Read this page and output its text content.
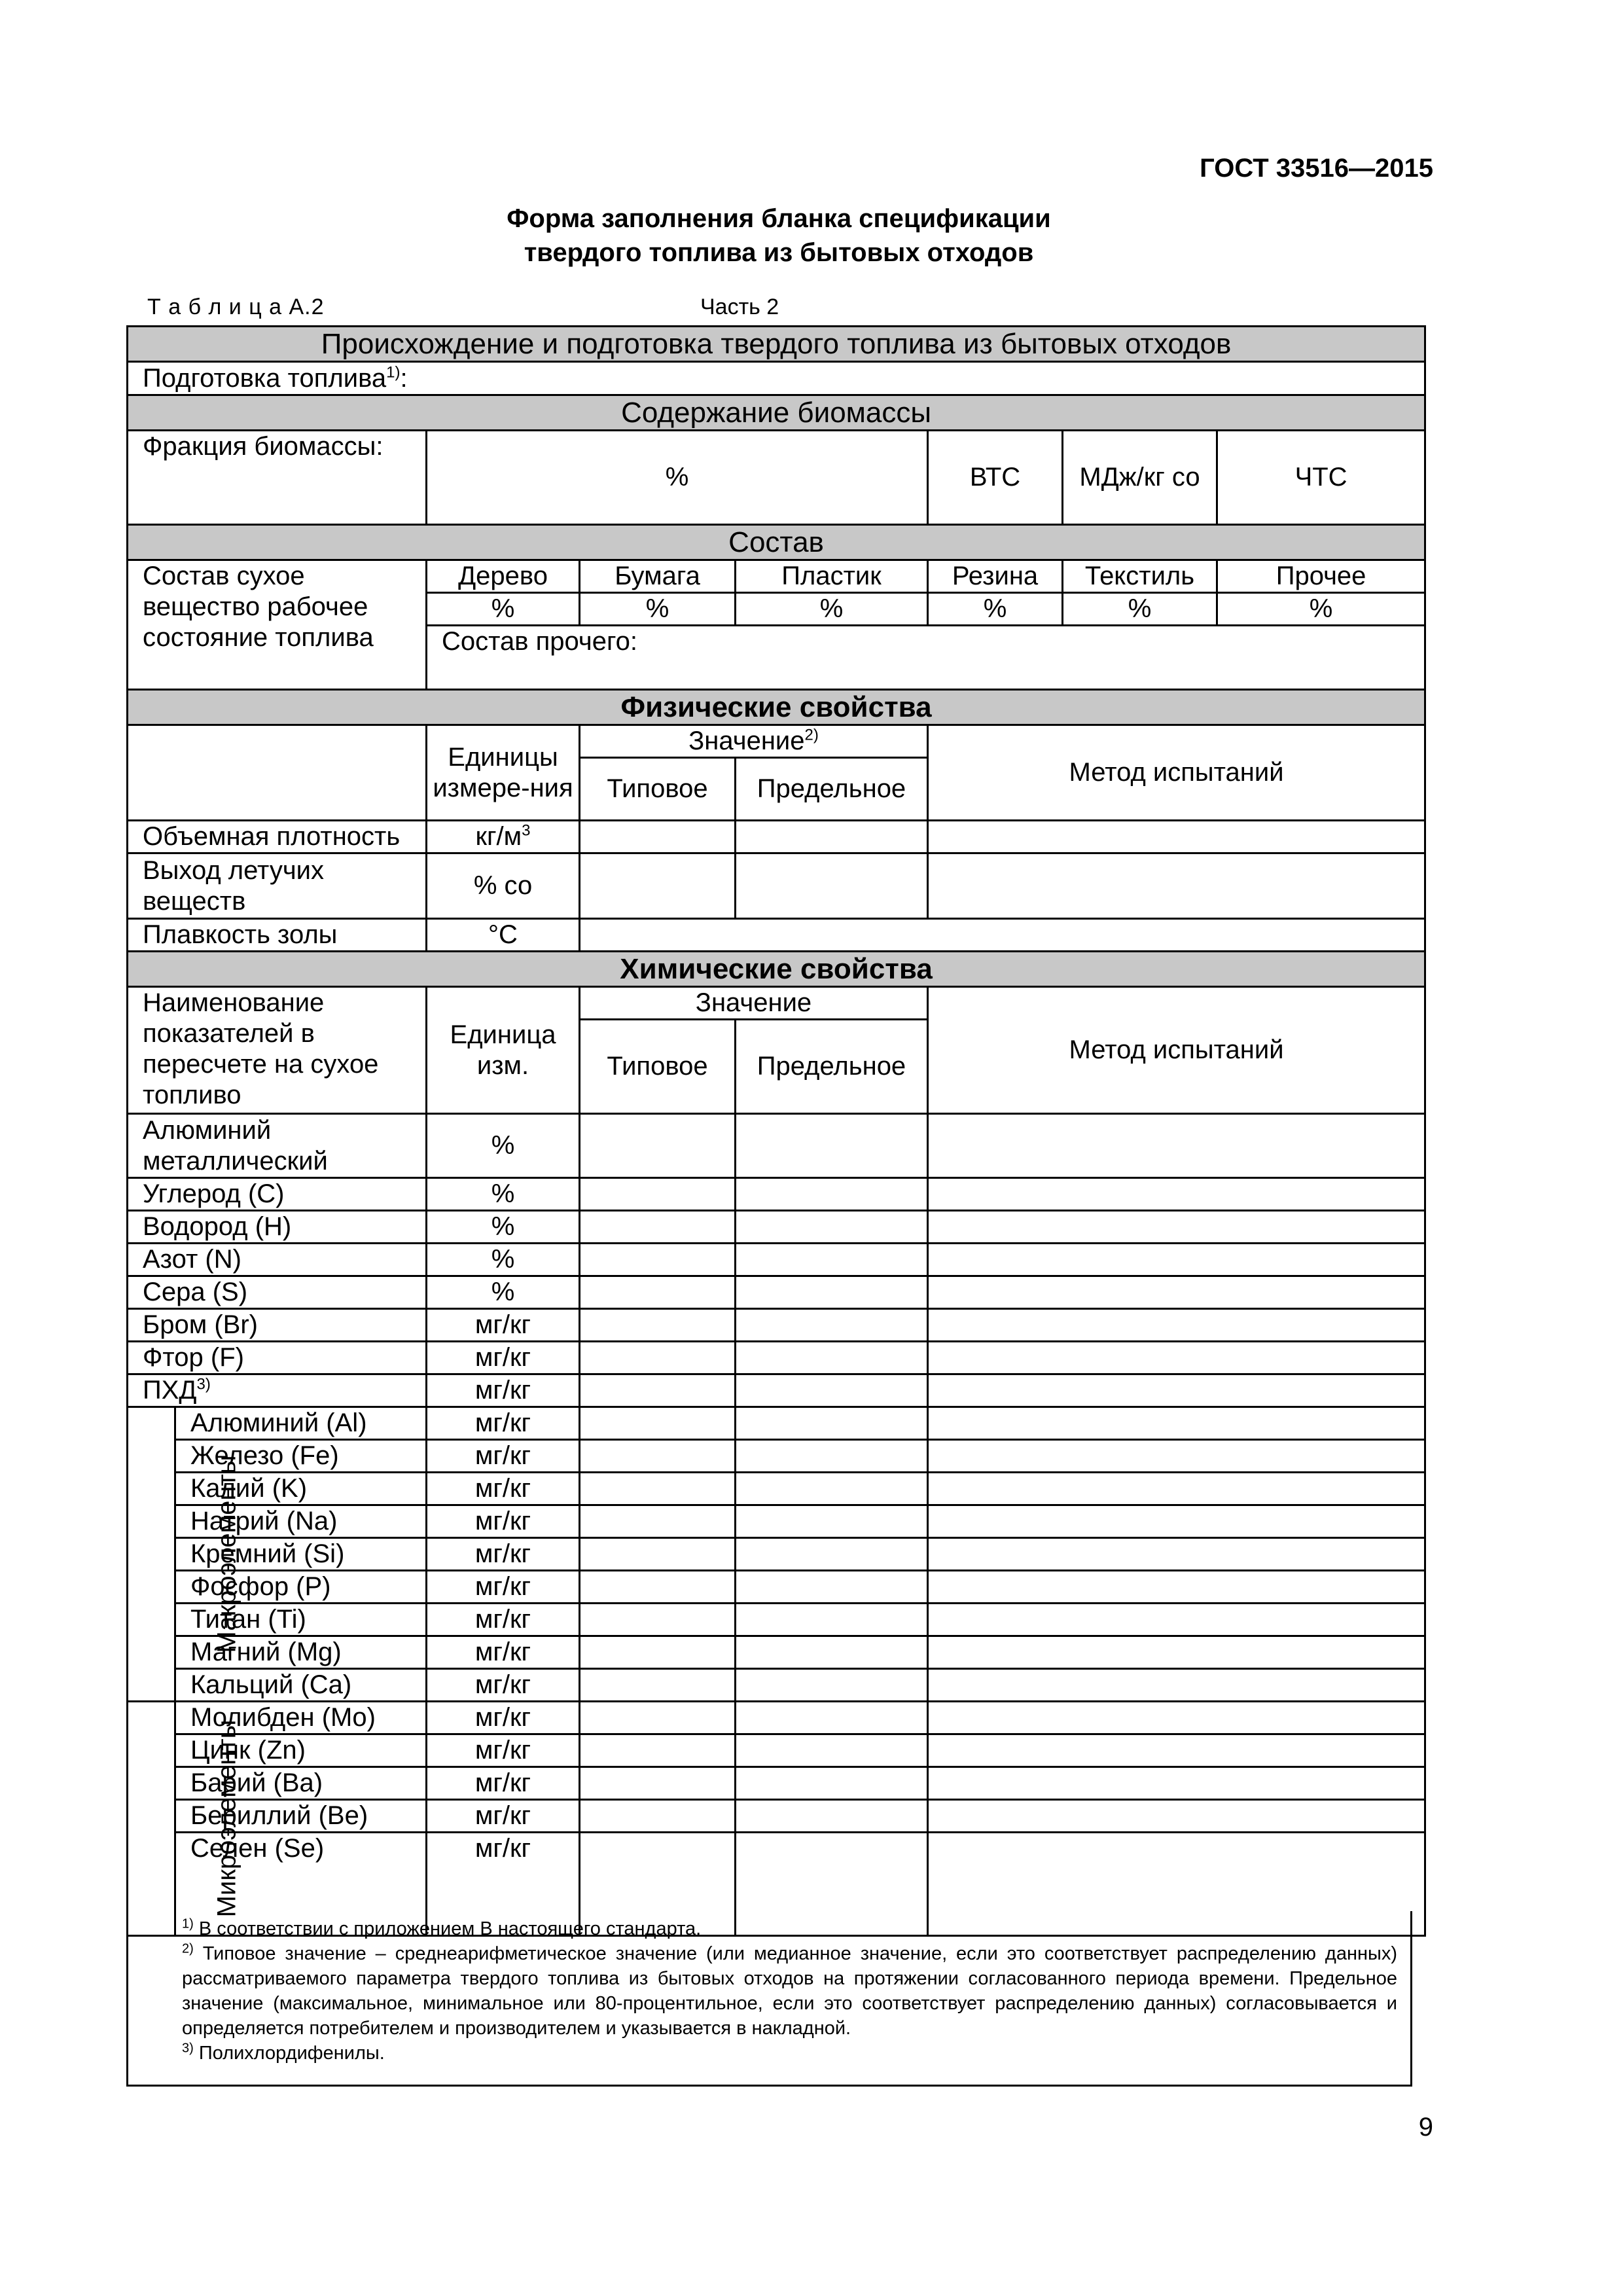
ГОСТ 33516—2015
Форма заполнения бланка спецификации
твердого топлива из бытовых отходов
Т а б л и ц а А.2	Часть 2
Происхождение и подготовка твердого топлива из бытовых отходов								
Подготовка топлива$^{1)}$:								
Содержание биомассы								
Фракция биомассы:		%			ВТС	МДж/кг со	ЧТС	
Состав								
Состав сухое вещество рабочее состояние топлива		Дерево	Бумага	Пластик	Резина	Текстиль	Прочее	
		%	%	%	%	%	%	
		Состав прочего:						
Физические свойства								
		Единицы измере-ния	Значение$^{2)}$		Метод испытаний			
			Типовое	Предельное				
Объемная плотность		$кг/м^3$			
Выход летучих веществ		% со						
Плавкость золы		°С						
Химические свойства								
Наименование показателей в пересчете на сухое топливо		Единица изм.	Значение		Метод испытаний			
			Типовое	Предельное				
Алюминий металлический		%						
Углерод (С)		%						
Водород (Н)		%						
Азот (N)		%						
Сера (S)		%						
Бром (Br)		мг/кг						
Фтор (F)		мг/кг						
ПХД$^{3)}$		мг/кг						
Макроэлементы	Алюминий (Al)	мг/кг						
	Железо (Fe)	мг/кг						
	Калий (K)	мг/кг						
	Натрий (Na)	мг/кг						
	Кремний (Si)	мг/кг						
	Фосфор (P)	мг/кг						
	Титан (Ti)	мг/кг						
	Магний (Mg)	мг/кг						
	Кальций (Ca)	мг/кг						
Микроэлементы	Молибден (Mo)	мг/кг						
	Цинк (Zn)	мг/кг						
	Барий (Ba)	мг/кг						
	Бериллий (Be)	мг/кг						
	Селен (Se)	мг/кг						

$^{1)}$ В соответствии с приложением В настоящего стандарта.

$^{2)}$ Типовое значение – среднеарифметическое значение (или медианное значение, если это соответствует распределению данных) рассматриваемого параметра твердого топлива из бытовых отходов на протяжении согласованного периода времени. Предельное значение (максимальное, минимальное или 80-процентильное, если это соответствует распределению данных) согласовывается и определяется потребителем и производителем и указывается в накладной.

$^{3)}$ Полихлордифенилы.

9
